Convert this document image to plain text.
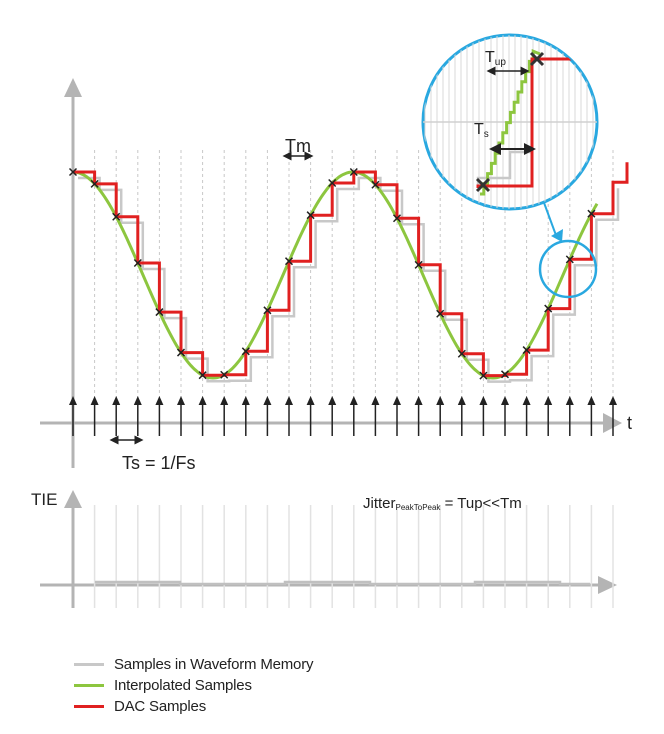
Tup
Ts
t
Tm
Ts = 1/Fs
TIE	JitterPeakToPeak = Tup<<Tm
Samples in Waveform Memory
Interpolated Samples
DAC Samples
